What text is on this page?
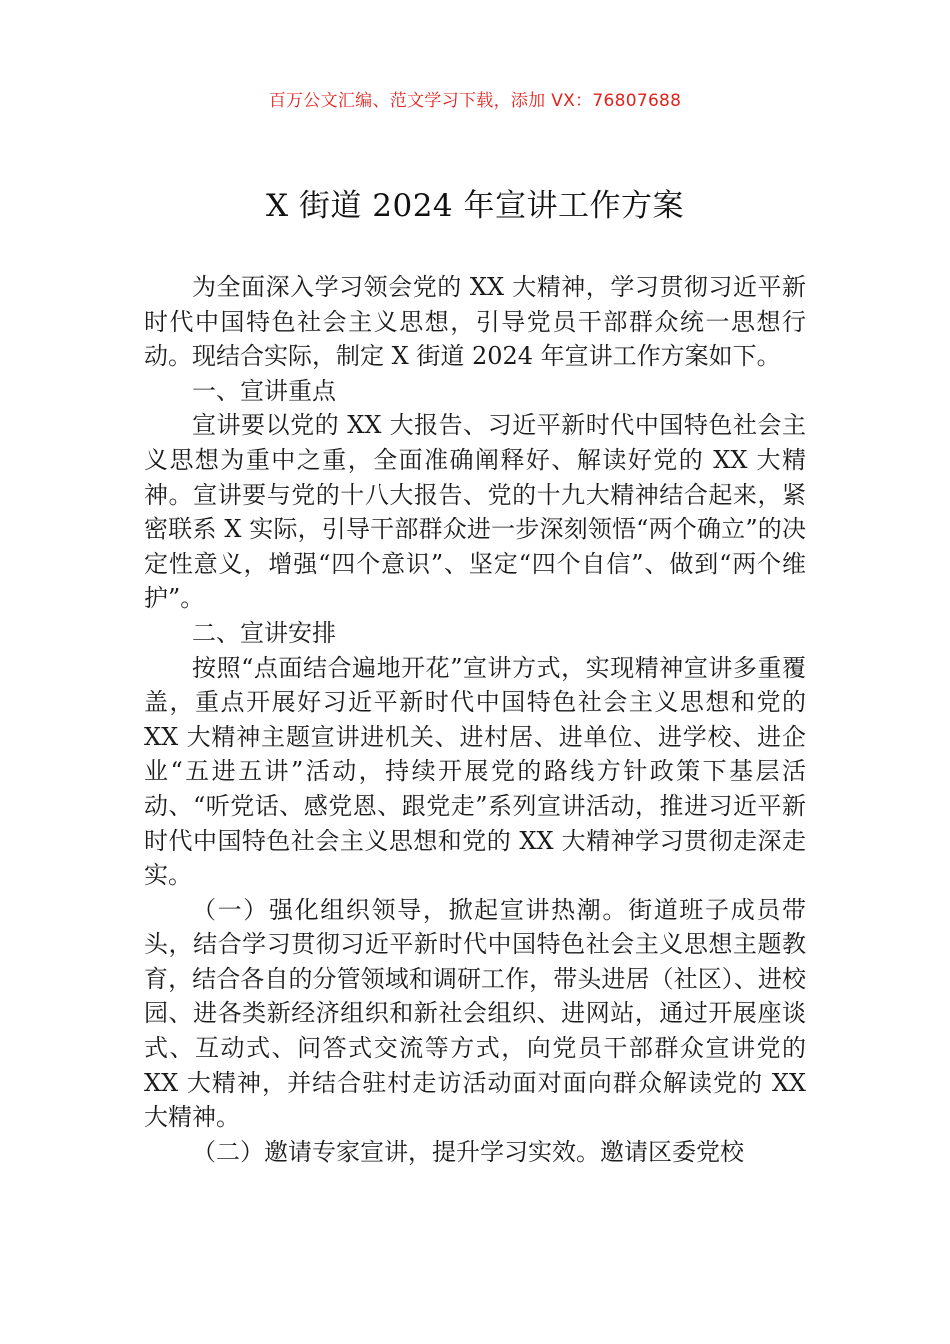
百万公文汇编、范文学习下载，添加 VX：76807688
X 街道 2024 年宣讲工作方案

为全面深入学习领会党的 XX 大精神，学习贯彻习近平新时代中国特色社会主义思想，引导党员干部群众统一思想行动。现结合实际，制定 X 街道 2024 年宣讲工作方案如下。

一、宣讲重点

宣讲要以党的 XX 大报告、习近平新时代中国特色社会主义思想为重中之重，全面准确阐释好、解读好党的 XX 大精神。宣讲要与党的十八大报告、党的十九大精神结合起来，紧密联系 X 实际，引导干部群众进一步深刻领悟“两个确立”的决定性意义，增强“四个意识”、坚定“四个自信”、做到“两个维护”。

二、宣讲安排

按照“点面结合遍地开花”宣讲方式，实现精神宣讲多重覆盖，重点开展好习近平新时代中国特色社会主义思想和党的 XX 大精神主题宣讲进机关、进村居、进单位、进学校、进企业“五进五讲”活动，持续开展党的路线方针政策下基层活动、“听党话、感党恩、跟党走”系列宣讲活动，推进习近平新时代中国特色社会主义思想和党的 XX 大精神学习贯彻走深走实。

（一）强化组织领导，掀起宣讲热潮。街道班子成员带头，结合学习贯彻习近平新时代中国特色社会主义思想主题教育，结合各自的分管领域和调研工作，带头进居（社区）、进校园、进各类新经济组织和新社会组织、进网站，通过开展座谈式、互动式、问答式交流等方式，向党员干部群众宣讲党的 XX 大精神，并结合驻村走访活动面对面向群众解读党的 XX 大精神。

（二）邀请专家宣讲，提升学习实效。邀请区委党校
